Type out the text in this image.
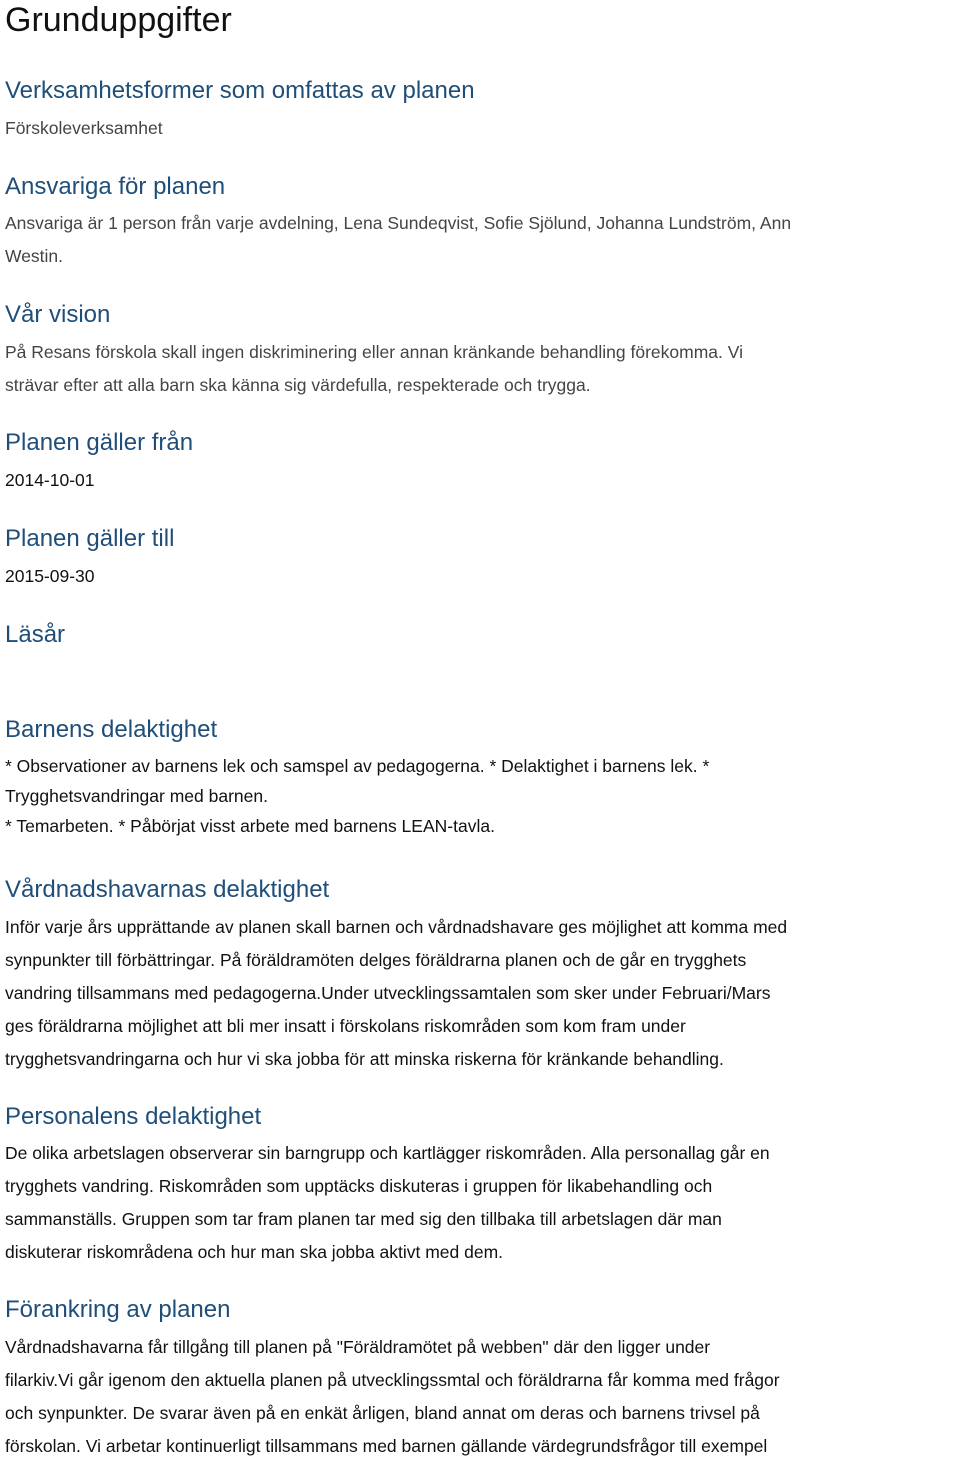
Grunduppgifter
Verksamhetsformer som omfattas av planen

Förskoleverksamhet

Ansvariga för planen
Ansvariga är 1 person från varje avdelning, Lena Sundeqvist, Sofie Sjölund, Johanna Lundström, Ann
Westin.
Vår vision
På Resans förskola skall ingen diskriminering eller annan kränkande behandling förekomma. Vi
strävar efter att alla barn ska känna sig värdefulla, respekterade och trygga.
Planen gäller från

2014-10-01

Planen gäller till

2015-09-30

Läsår
Barnens delaktighet
* Observationer av barnens lek och samspel av pedagogerna. * Delaktighet i barnens lek. *
Trygghetsvandringar med barnen.
* Temarbeten. * Påbörjat visst arbete med barnens LEAN-tavla.
Vårdnadshavarnas delaktighet
Inför varje års upprättande av planen skall barnen och vårdnadshavare ges möjlighet att komma med
synpunkter till förbättringar. På föräldramöten delges föräldrarna planen och de går en trygghets
vandring tillsammans med pedagogerna.Under utvecklingssamtalen som sker under Februari/Mars
ges föräldrarna möjlighet att bli mer insatt i förskolans riskområden som kom fram under
trygghetsvandringarna och hur vi ska jobba för att minska riskerna för kränkande behandling.
Personalens delaktighet
De olika arbetslagen observerar sin barngrupp och kartlägger riskområden. Alla personallag går en
trygghets vandring. Riskområden som upptäcks diskuteras i gruppen för likabehandling och
sammanställs. Gruppen som tar fram planen tar med sig den tillbaka till arbetslagen där man
diskuterar riskområdena och hur man ska jobba aktivt med dem.
Förankring av planen
Vårdnadshavarna får tillgång till planen på "Föräldramötet på webben" där den ligger under
filarkiv.Vi går igenom den aktuella planen på utvecklingssmtal och föräldrarna får komma med frågor
och synpunkter. De svarar även på en enkät årligen, bland annat om deras och barnens trivsel på
förskolan. Vi arbetar kontinuerligt tillsammans med barnen gällande värdegrundsfrågor till exempel
